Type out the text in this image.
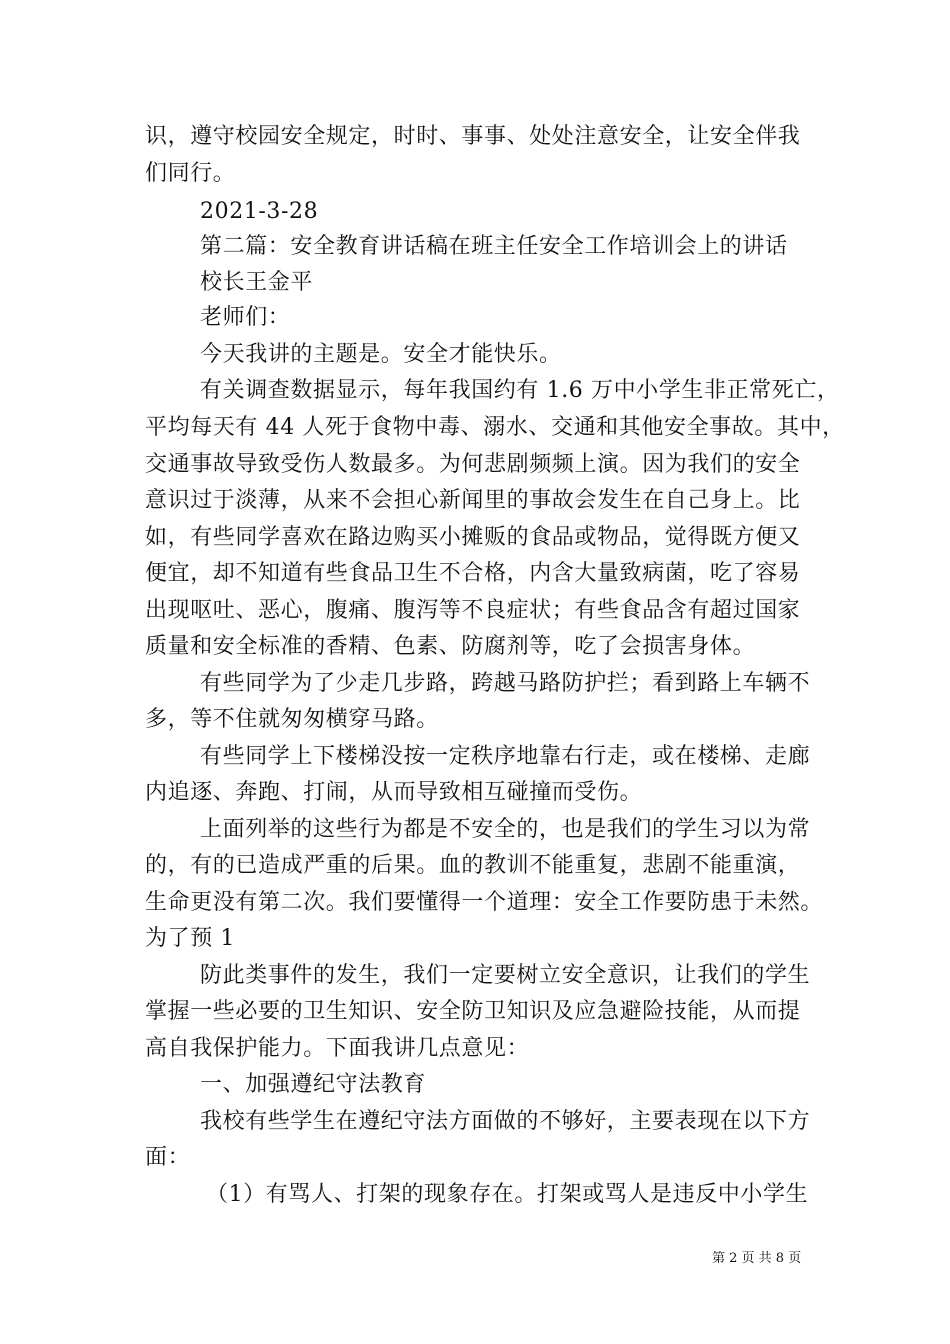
识，遵守校园安全规定，时时、事事、处处注意安全，让安全伴我
们同行。
2021-3-28
第二篇：安全教育讲话稿在班主任安全工作培训会上的讲话
校长王金平
老师们：
今天我讲的主题是。安全才能快乐。
有关调查数据显示，每年我国约有 1.6 万中小学生非正常死亡，
平均每天有 44 人死于食物中毒、溺水、交通和其他安全事故。其中，
交通事故导致受伤人数最多。为何悲剧频频上演。因为我们的安全
意识过于淡薄，从来不会担心新闻里的事故会发生在自己身上。比
如，有些同学喜欢在路边购买小摊贩的食品或物品，觉得既方便又
便宜，却不知道有些食品卫生不合格，内含大量致病菌，吃了容易
出现呕吐、恶心，腹痛、腹泻等不良症状；有些食品含有超过国家
质量和安全标准的香精、色素、防腐剂等，吃了会损害身体。
有些同学为了少走几步路，跨越马路防护拦；看到路上车辆不
多，等不住就匆匆横穿马路。
有些同学上下楼梯没按一定秩序地靠右行走，或在楼梯、走廊
内追逐、奔跑、打闹，从而导致相互碰撞而受伤。
上面列举的这些行为都是不安全的，也是我们的学生习以为常
的，有的已造成严重的后果。血的教训不能重复，悲剧不能重演，
生命更没有第二次。我们要懂得一个道理：安全工作要防患于未然。
为了预 1
防此类事件的发生，我们一定要树立安全意识，让我们的学生
掌握一些必要的卫生知识、安全防卫知识及应急避险技能，从而提
高自我保护能力。下面我讲几点意见：
一、加强遵纪守法教育
我校有些学生在遵纪守法方面做的不够好，主要表现在以下方
面：
（1）有骂人、打架的现象存在。打架或骂人是违反中小学生
第 2 页 共 8 页
